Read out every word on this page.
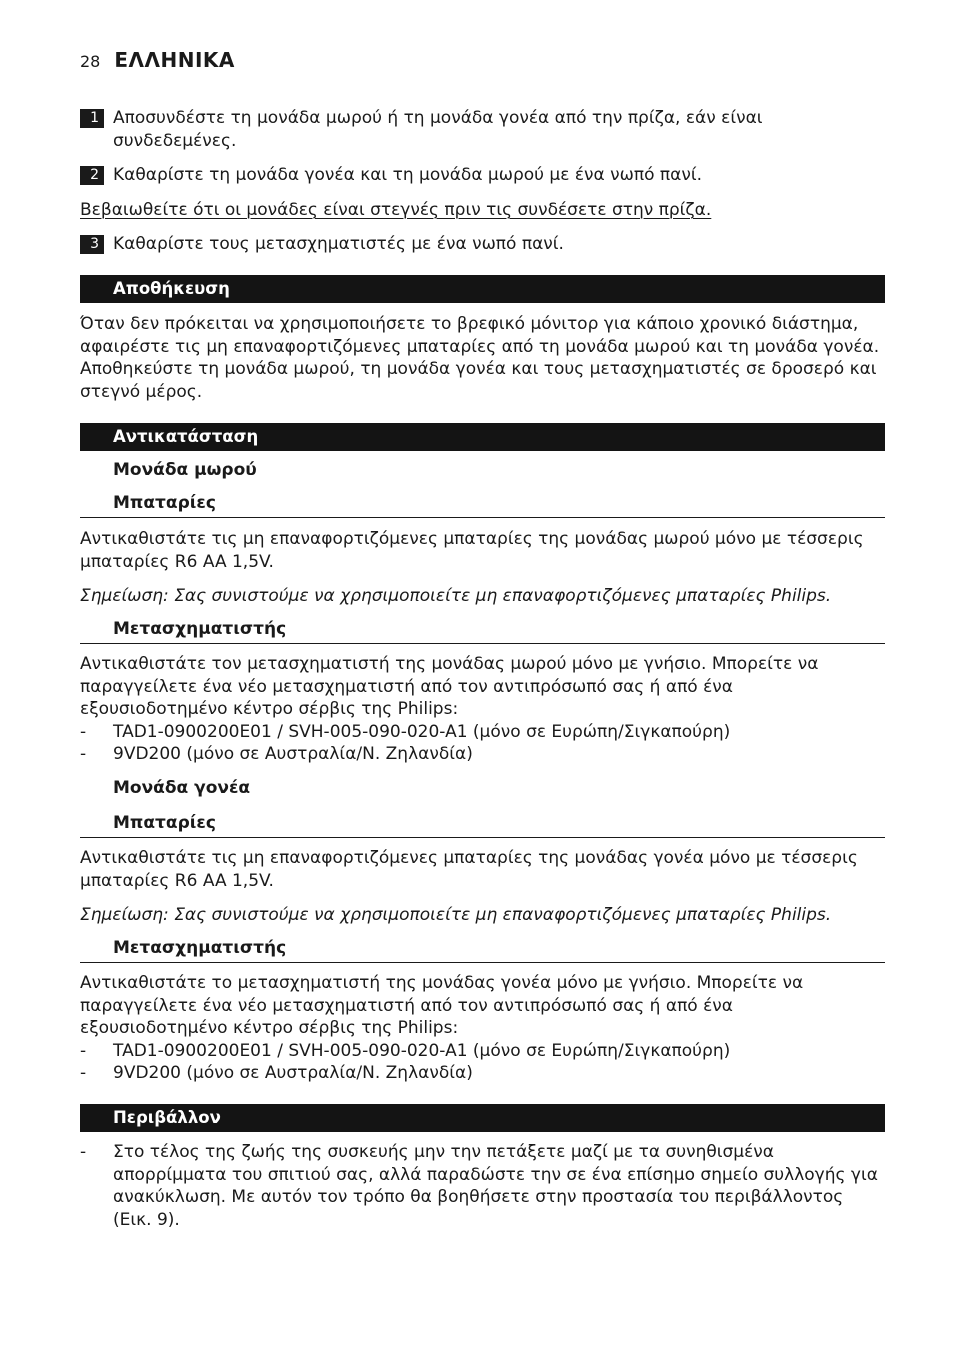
28 ΕΛΛΗΝΙΚΑ
1 Αποσυνδέστε τη μονάδα μωρού ή τη μονάδα γονέα από την πρίζα, εάν είναι συνδεδεμένες.
2 Καθαρίστε τη μονάδα γονέα και τη μονάδα μωρού με ένα νωπό πανί.
Βεβαιωθείτε ότι οι μονάδες είναι στεγνές πριν τις συνδέσετε στην πρίζα.
3 Καθαρίστε τους μετασχηματιστές με ένα νωπό πανί.
Αποθήκευση
Όταν δεν πρόκειται να χρησιμοποιήσετε το βρεφικό μόνιτορ για κάποιο χρονικό διάστημα, αφαιρέστε τις μη επαναφορτιζόμενες μπαταρίες από τη μονάδα μωρού και τη μονάδα γονέα. Αποθηκεύστε τη μονάδα μωρού, τη μονάδα γονέα και τους μετασχηματιστές σε δροσερό και στεγνό μέρος.
Αντικατάσταση
Μονάδα μωρού
Μπαταρίες
Αντικαθιστάτε τις μη επαναφορτιζόμενες μπαταρίες της μονάδας μωρού μόνο με τέσσερις μπαταρίες R6 AA 1,5V.
Σημείωση: Σας συνιστούμε να χρησιμοποιείτε μη επαναφορτιζόμενες μπαταρίες Philips.
Μετασχηματιστής
Αντικαθιστάτε τον μετασχηματιστή της μονάδας μωρού μόνο με γνήσιο. Μπορείτε να παραγγείλετε ένα νέο μετασχηματιστή από τον αντιπρόσωπό σας ή από ένα εξουσιοδοτημένο κέντρο σέρβις της Philips:
-	TAD1-0900200E01 / SVH-005-090-020-A1 (μόνο σε Ευρώπη/Σιγκαπούρη)
-	9VD200 (μόνο σε Αυστραλία/Ν. Ζηλανδία)
Μονάδα γονέα
Μπαταρίες
Αντικαθιστάτε τις μη επαναφορτιζόμενες μπαταρίες της μονάδας γονέα μόνο με τέσσερις μπαταρίες R6 AA 1,5V.
Σημείωση: Σας συνιστούμε να χρησιμοποιείτε μη επαναφορτιζόμενες μπαταρίες Philips.
Μετασχηματιστής
Αντικαθιστάτε το μετασχηματιστή της μονάδας γονέα μόνο με γνήσιο. Μπορείτε να παραγγείλετε ένα νέο μετασχηματιστή από τον αντιπρόσωπό σας ή από ένα εξουσιοδοτημένο κέντρο σέρβις της Philips:
-	TAD1-0900200E01 / SVH-005-090-020-A1 (μόνο σε Ευρώπη/Σιγκαπούρη)
-	9VD200 (μόνο σε Αυστραλία/Ν. Ζηλανδία)
Περιβάλλον
-	Στο τέλος της ζωής της συσκευής μην την πετάξετε μαζί με τα συνηθισμένα απορρίμματα του σπιτιού σας, αλλά παραδώστε την σε ένα επίσημο σημείο συλλογής για ανακύκλωση. Με αυτόν τον τρόπο θα βοηθήσετε στην προστασία του περιβάλλοντος (Εικ. 9).
